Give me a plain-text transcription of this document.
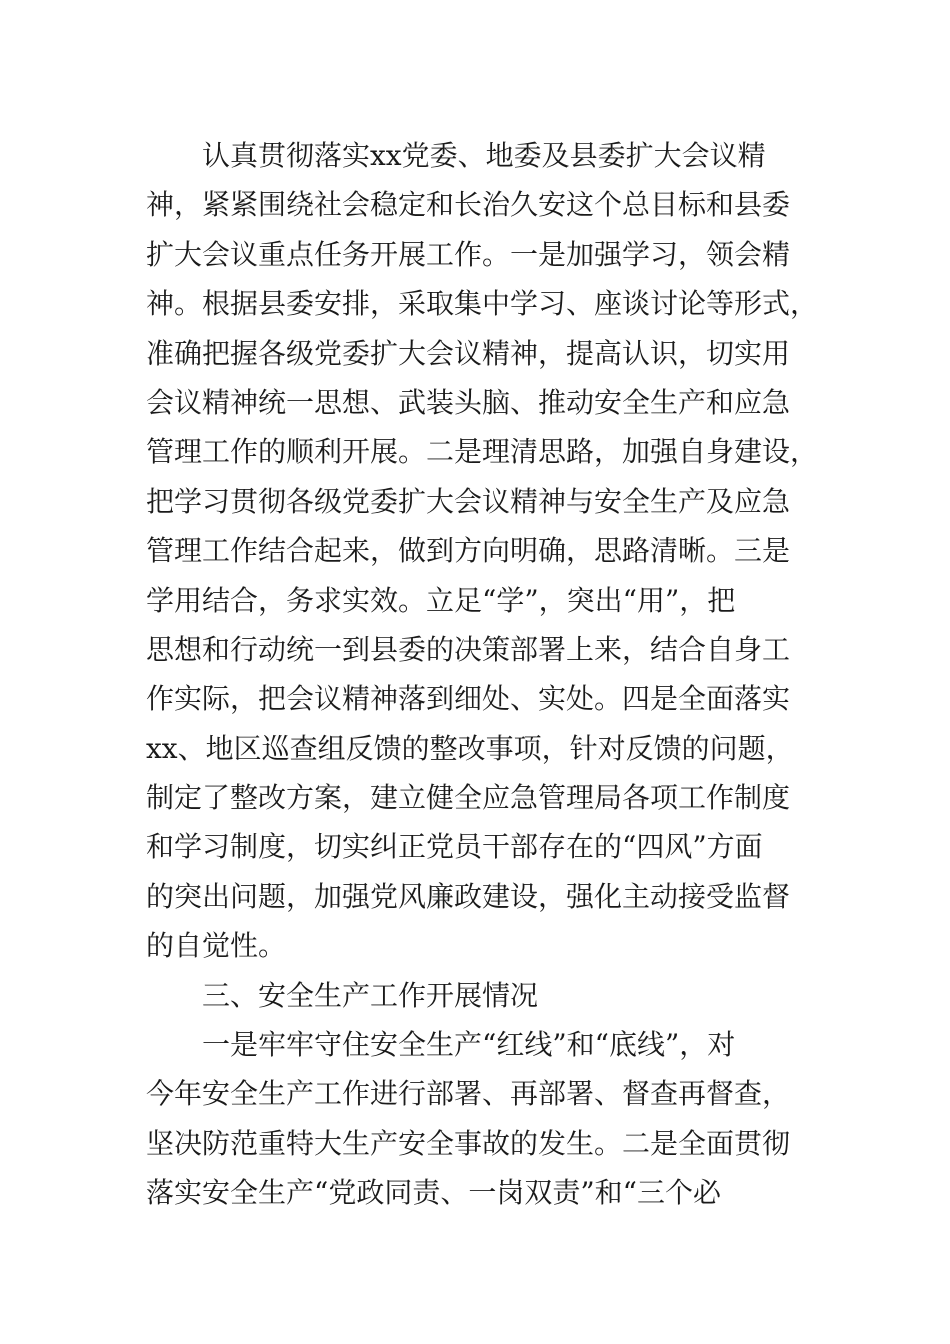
认真贯彻落实xx党委、地委及县委扩大会议精
神，紧紧围绕社会稳定和长治久安这个总目标和县委
扩大会议重点任务开展工作。一是加强学习，领会精
神。根据县委安排，采取集中学习、座谈讨论等形式，
准确把握各级党委扩大会议精神，提高认识，切实用
会议精神统一思想、武装头脑、推动安全生产和应急
管理工作的顺利开展。二是理清思路，加强自身建设，
把学习贯彻各级党委扩大会议精神与安全生产及应急
管理工作结合起来，做到方向明确，思路清晰。三是
学用结合，务求实效。立足“学”，突出“用”，把
思想和行动统一到县委的决策部署上来，结合自身工
作实际，把会议精神落到细处、实处。四是全面落实
xx、地区巡查组反馈的整改事项，针对反馈的问题，
制定了整改方案，建立健全应急管理局各项工作制度
和学习制度，切实纠正党员干部存在的“四风”方面
的突出问题，加强党风廉政建设，强化主动接受监督
的自觉性。
三、安全生产工作开展情况
一是牢牢守住安全生产“红线”和“底线”，对
今年安全生产工作进行部署、再部署、督查再督查，
坚决防范重特大生产安全事故的发生。二是全面贯彻
落实安全生产“党政同责、一岗双责”和“三个必
